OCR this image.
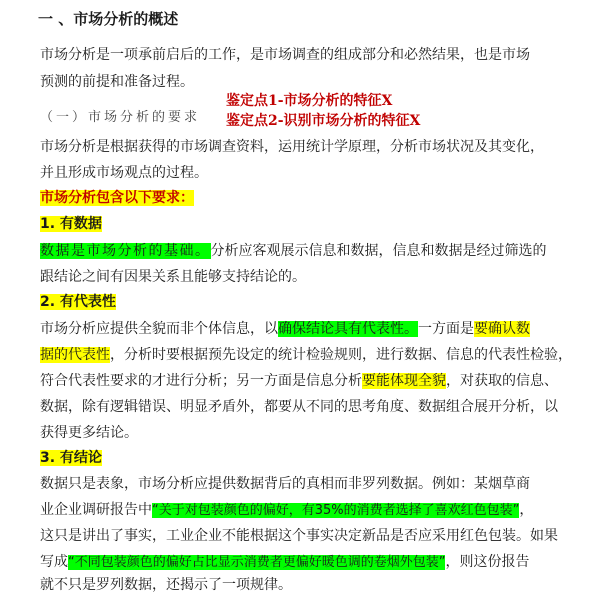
一 、市场分析的概述
市场分析是一项承前启后的工作，是市场调查的组成部分和必然结果，也是市场
预测的前提和准备过程。
（一）市场分析的要求
鉴定点1-市场分析的特征X
鉴定点2-识别市场分析的特征X
市场分析是根据获得的市场调查资料，运用统计学原理，分析市场状况及其变化，
并且形成市场观点的过程。
市场分析包含以下要求：
1. 有数据
数据是市场分析的基础。分析应客观展示信息和数据，信息和数据是经过筛选的
跟结论之间有因果关系且能够支持结论的。
2. 有代表性
市场分析应提供全貌而非个体信息，以确保结论具有代表性。一方面是要确认数
据的代表性，分析时要根据预先设定的统计检验规则，进行数据、信息的代表性检验，
符合代表性要求的才进行分析；另一方面是信息分析要能体现全貌，对获取的信息、
数据，除有逻辑错误、明显矛盾外，都要从不同的思考角度、数据组合展开分析，以
获得更多结论。
3. 有结论
数据只是表象，市场分析应提供数据背后的真相而非罗列数据。例如：某烟草商
业企业调研报告中“关于对包装颜色的偏好，有35%的消费者选择了喜欢红色包装”，
这只是讲出了事实，工业企业不能根据这个事实决定新品是否应采用红色包装。如果
写成“不同包装颜色的偏好占比显示消费者更偏好暖色调的卷烟外包装”，则这份报告
就不只是罗列数据，还揭示了一项规律。
